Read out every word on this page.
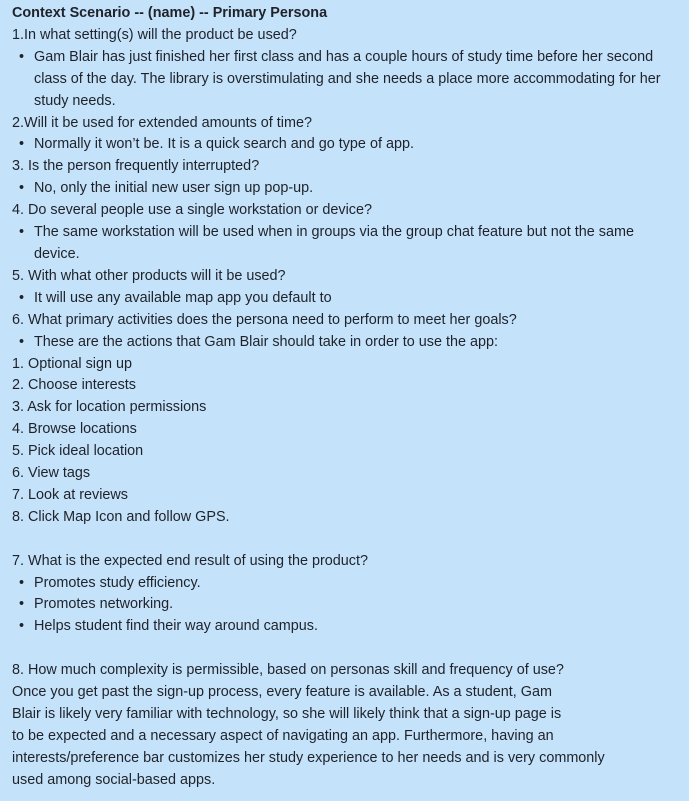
Context Scenario -- (name) -- Primary Persona

1.In what setting(s) will the product be used?

• Gam Blair has just finished her first class and has a couple hours of study time before her second class of the day. The library is overstimulating and she needs a place more accommodating for her study needs.

2.Will it be used for extended amounts of time?

• Normally it won’t be. It is a quick search and go type of app.

3. Is the person frequently interrupted?

• No, only the initial new user sign up pop-up.

4. Do several people use a single workstation or device?

• The same workstation will be used when in groups via the group chat feature but not the same device.

5. With what other products will it be used?

• It will use any available map app you default to

6. What primary activities does the persona need to perform to meet her goals?

• These are the actions that Gam Blair should take in order to use the app:

1. Optional sign up

2. Choose interests

3. Ask for location permissions

4. Browse locations

5. Pick ideal location

6. View tags

7. Look at reviews

8. Click Map Icon and follow GPS.

7. What is the expected end result of using the product?

• Promotes study efficiency.

• Promotes networking.

• Helps student find their way around campus.

8. How much complexity is permissible, based on personas skill and frequency of use?

Once you get past the sign-up process, every feature is available. As a student, Gam

Blair is likely very familiar with technology, so she will likely think that a sign-up page is

to be expected and a necessary aspect of navigating an app. Furthermore, having an

interests/preference bar customizes her study experience to her needs and is very commonly

used among social-based apps.
